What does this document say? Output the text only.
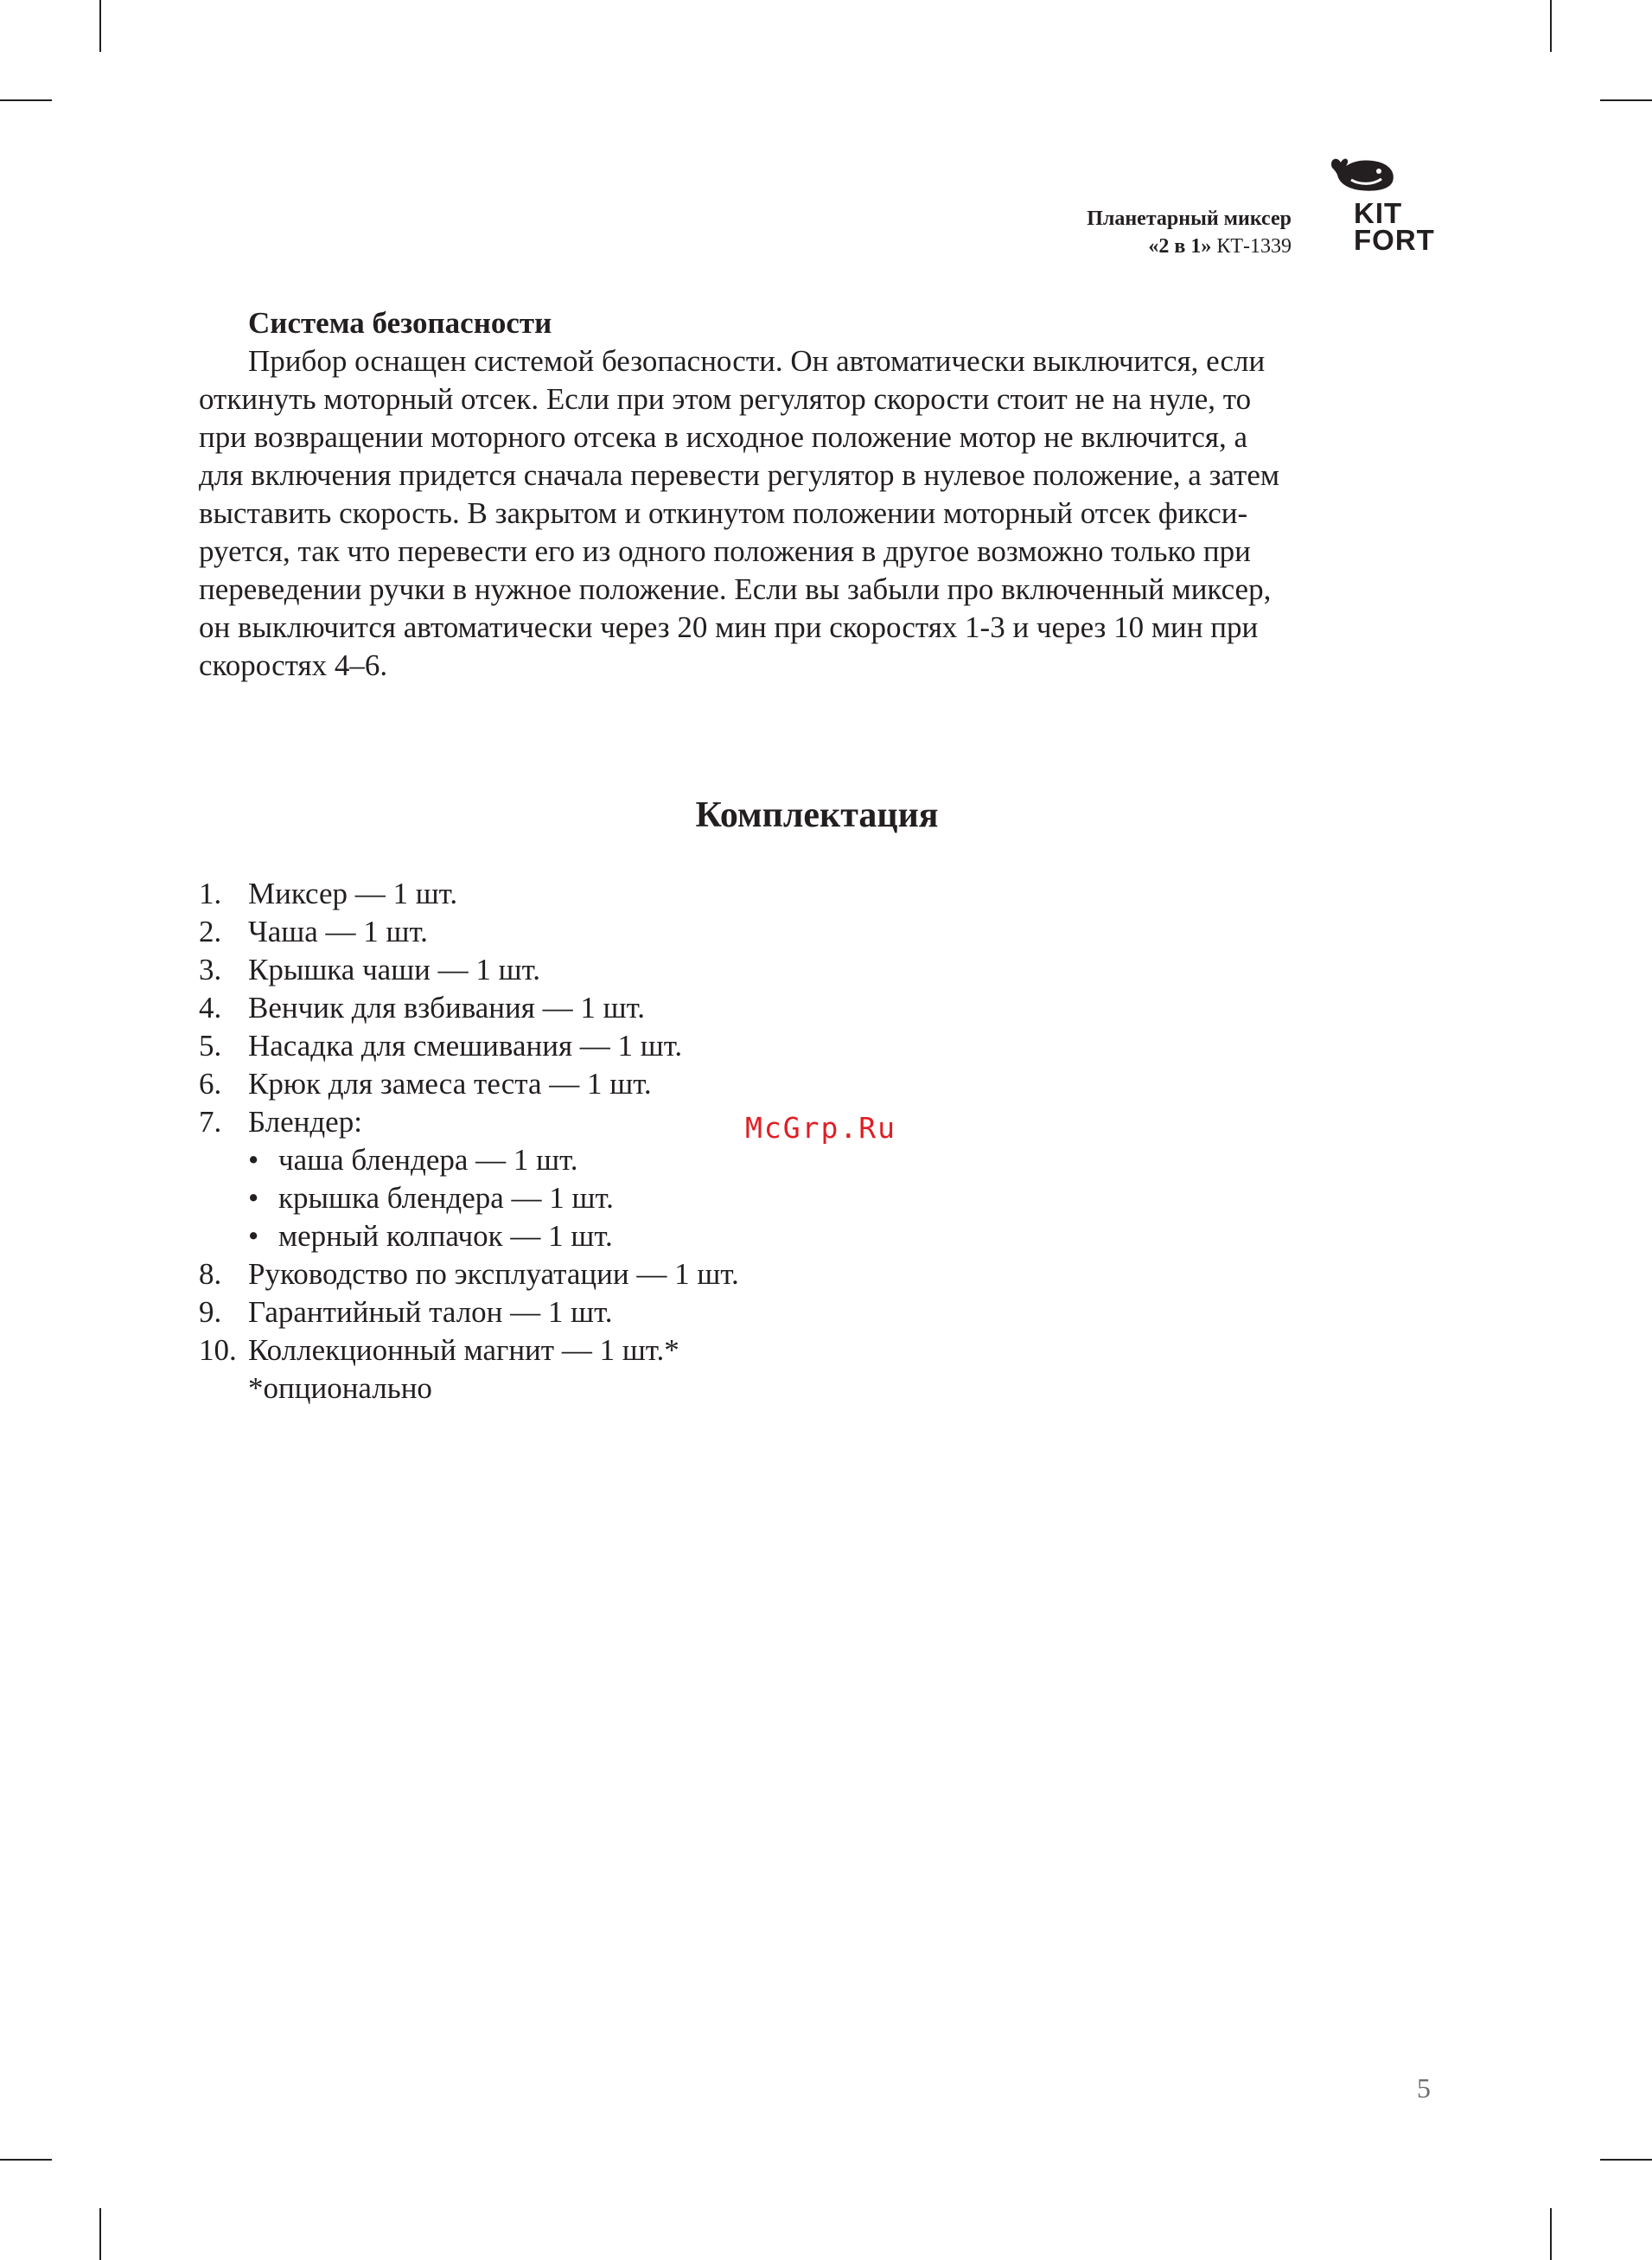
Планетарный миксер
«2 в 1» КТ-1339
KIT
FORT
Система безопасности
Прибор оснащен системой безопасности. Он автоматически выключится, если
откинуть моторный отсек. Если при этом регулятор скорости стоит не на нуле, то
при возвращении моторного отсека в исходное положение мотор не включится, а
для включения придется сначала перевести регулятор в нулевое положение, а затем
выставить скорость. В закрытом и откинутом положении моторный отсек фикси-
руется, так что перевести его из одного положения в другое возможно только при
переведении ручки в нужное положение. Если вы забыли про включенный миксер,
он выключится автоматически через 20 мин при скоростях 1-3 и через 10 мин при
скоростях 4–6.
Комплектация
1. Миксер — 1 шт.
2. Чаша — 1 шт.
3. Крышка чаши — 1 шт.
4. Венчик для взбивания — 1 шт.
5. Насадка для смешивания — 1 шт.
6. Крюк для замеса теста — 1 шт.
7. Блендер:
• чаша блендера — 1 шт.
• крышка блендера — 1 шт.
• мерный колпачок — 1 шт.
8. Руководство по эксплуатации — 1 шт.
9. Гарантийный талон — 1 шт.
10. Коллекционный магнит — 1 шт.*
*опционально
McGrp.Ru
5
